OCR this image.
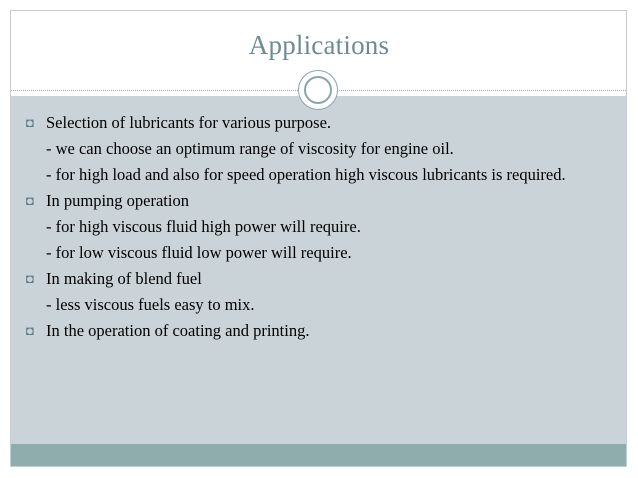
Applications
◘ Selection of lubricants for various purpose.
- we can choose an optimum range of viscosity for engine oil.
- for high load and also for speed operation high viscous lubricants is required.
◘ In pumping operation
- for high viscous fluid high power will require.
- for low viscous fluid low power will require.
◘ In making of blend fuel
- less viscous fuels easy to mix.
◘ In the operation of coating and printing.
